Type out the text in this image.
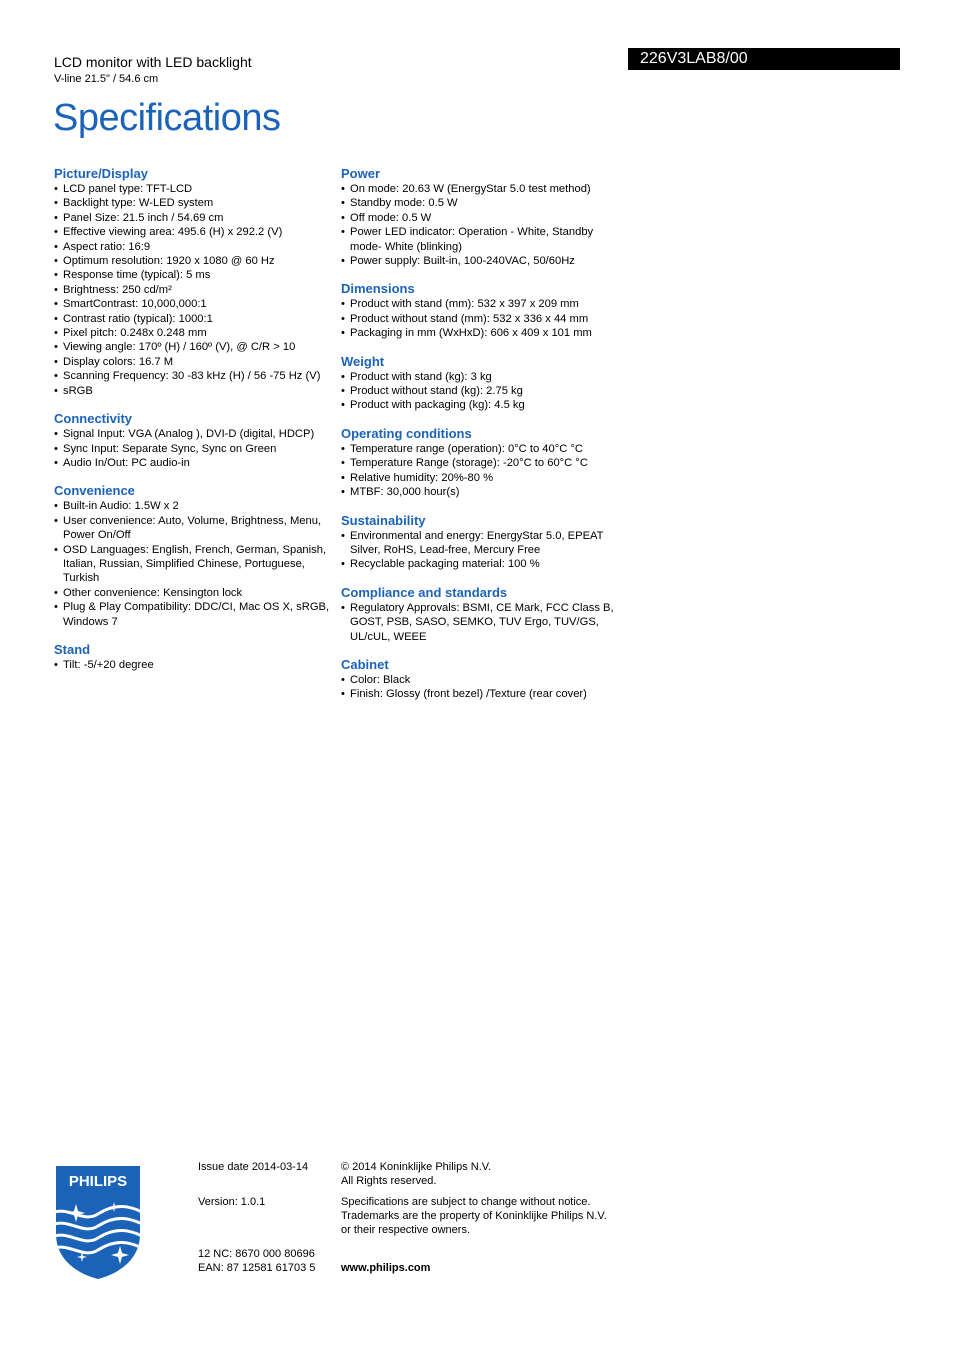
LCD monitor with LED backlight
V-line 21.5" / 54.6 cm
Specifications
226V3LAB8/00
Picture/Display
• LCD panel type: TFT-LCD
• Backlight type: W-LED system
• Panel Size: 21.5 inch / 54.69 cm
• Effective viewing area: 495.6 (H) x 292.2 (V)
• Aspect ratio: 16:9
• Optimum resolution: 1920 x 1080 @ 60 Hz
• Response time (typical): 5 ms
• Brightness: 250 cd/m²
• SmartContrast: 10,000,000:1
• Contrast ratio (typical): 1000:1
• Pixel pitch: 0.248x 0.248 mm
• Viewing angle: 170º (H) / 160º (V), @ C/R > 10
• Display colors: 16.7 M
• Scanning Frequency: 30 -83 kHz (H) / 56 -75 Hz (V)
• sRGB
Connectivity
• Signal Input: VGA (Analog ), DVI-D (digital, HDCP)
• Sync Input: Separate Sync, Sync on Green
• Audio In/Out: PC audio-in
Convenience
• Built-in Audio: 1.5W x 2
• User convenience: Auto, Volume, Brightness, Menu, Power On/Off
• OSD Languages: English, French, German, Spanish, Italian, Russian, Simplified Chinese, Portuguese, Turkish
• Other convenience: Kensington lock
• Plug & Play Compatibility: DDC/CI, Mac OS X, sRGB, Windows 7
Stand
• Tilt: -5/+20 degree
Power
• On mode: 20.63 W (EnergyStar 5.0 test method)
• Standby mode: 0.5 W
• Off mode: 0.5 W
• Power LED indicator: Operation - White, Standby mode- White (blinking)
• Power supply: Built-in, 100-240VAC, 50/60Hz
Dimensions
• Product with stand (mm): 532 x 397 x 209 mm
• Product without stand (mm): 532 x 336 x 44 mm
• Packaging in mm (WxHxD): 606 x 409 x 101 mm
Weight
• Product with stand (kg): 3 kg
• Product without stand (kg): 2.75 kg
• Product with packaging (kg): 4.5 kg
Operating conditions
• Temperature range (operation): 0°C to 40°C °C
• Temperature Range (storage): -20°C to 60°C °C
• Relative humidity: 20%-80 %
• MTBF: 30,000 hour(s)
Sustainability
• Environmental and energy: EnergyStar 5.0, EPEAT Silver, RoHS, Lead-free, Mercury Free
• Recyclable packaging material: 100 %
Compliance and standards
• Regulatory Approvals: BSMI, CE Mark, FCC Class B, GOST, PSB, SASO, SEMKO, TUV Ergo, TUV/GS, UL/cUL, WEEE
Cabinet
• Color: Black
• Finish: Glossy (front bezel) /Texture (rear cover)
PHILIPS
Issue date 2014-03-14
Version: 1.0.1
12 NC: 8670 000 80696
EAN: 87 12581 61703 5
© 2014 Koninklijke Philips N.V.
All Rights reserved.
Specifications are subject to change without notice.
Trademarks are the property of Koninklijke Philips N.V.
or their respective owners.
www.philips.com
